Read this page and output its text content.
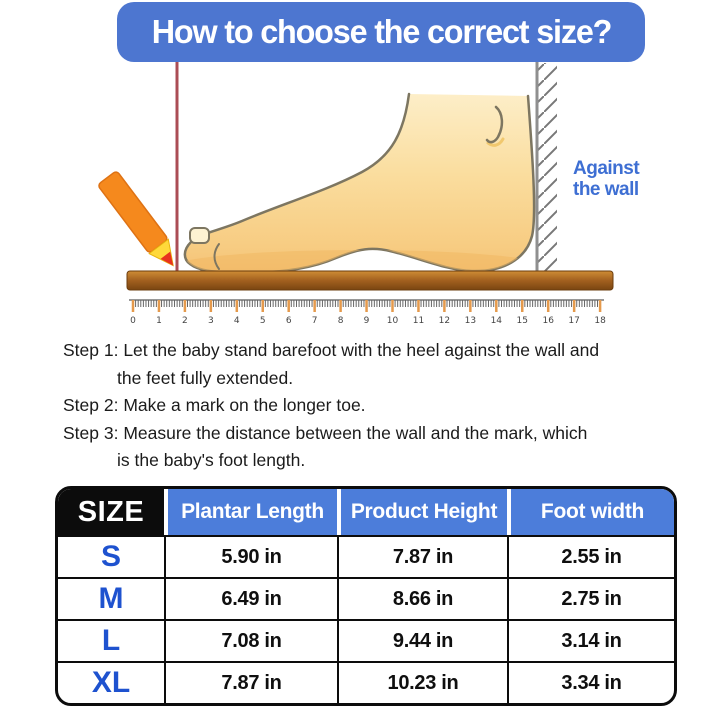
How to choose the correct size?
0 1 2 3 4 5 6 7 8 9 10 11 12 13 14 15 16 17 18
Against the wall
Step 1: Let the baby stand barefoot with the heel against the wall and
the feet fully extended.
Step 2: Make a mark on the longer toe.
Step 3: Measure the distance between the wall and the mark, which
is the baby's foot length.
SIZE	Plantar Length	Product Height	Foot width
S	5.90 in	7.87 in	2.55 in
M	6.49 in	8.66 in	2.75 in
L	7.08 in	9.44 in	3.14 in
XL	7.87 in	10.23 in	3.34 in
